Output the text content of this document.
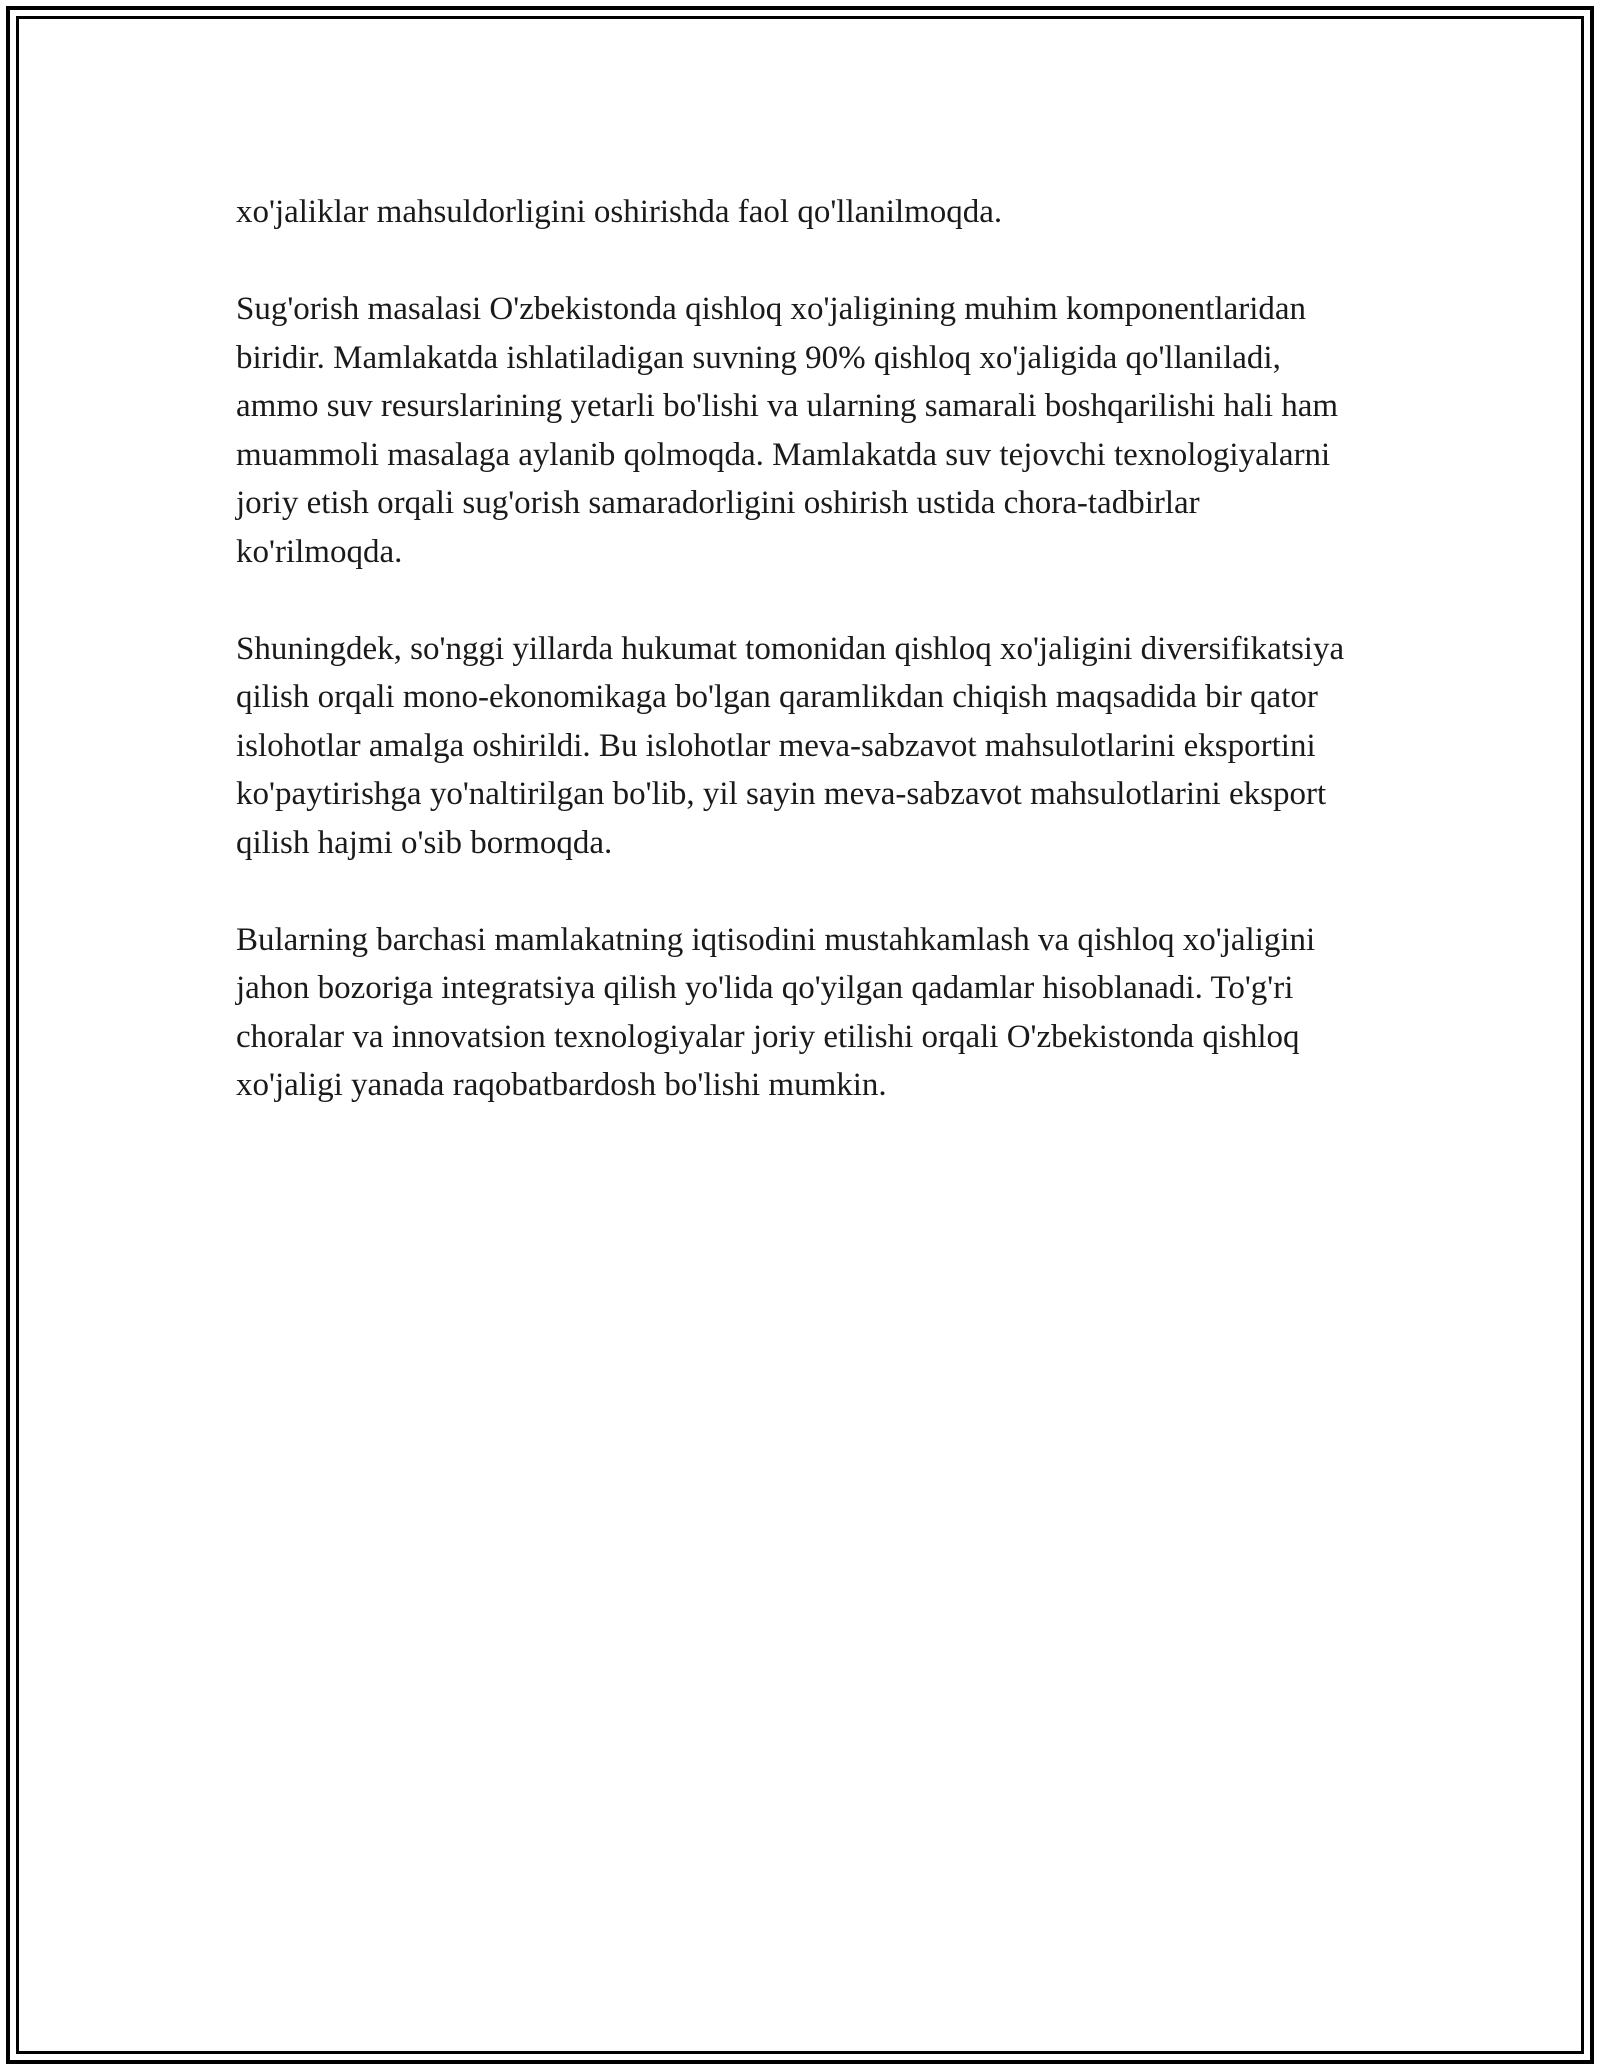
xo'jaliklar mahsuldorligini oshirishda faol qo'llanilmoqda.

Sug'orish masalasi O'zbekistonda qishloq xo'jaligining muhim komponentlaridan biridir. Mamlakatda ishlatiladigan suvning 90% qishloq xo'jaligida qo'llaniladi, ammo suv resurslarining yetarli bo'lishi va ularning samarali boshqarilishi hali ham muammoli masalaga aylanib qolmoqda. Mamlakatda suv tejovchi texnologiyalarni joriy etish orqali sug'orish samaradorligini oshirish ustida chora-tadbirlar ko'rilmoqda.

Shuningdek, so'nggi yillarda hukumat tomonidan qishloq xo'jaligini diversifikatsiya qilish orqali mono-ekonomikaga bo'lgan qaramlikdan chiqish maqsadida bir qator islohotlar amalga oshirildi. Bu islohotlar meva-sabzavot mahsulotlarini eksportini ko'paytirishga yo'naltirilgan bo'lib, yil sayin meva-sabzavot mahsulotlarini eksport qilish hajmi o'sib bormoqda.

Bularning barchasi mamlakatning iqtisodini mustahkamlash va qishloq xo'jaligini jahon bozoriga integratsiya qilish yo'lida qo'yilgan qadamlar hisoblanadi. To'g'ri choralar va innovatsion texnologiyalar joriy etilishi orqali O'zbekistonda qishloq xo'jaligi yanada raqobatbardosh bo'lishi mumkin.
